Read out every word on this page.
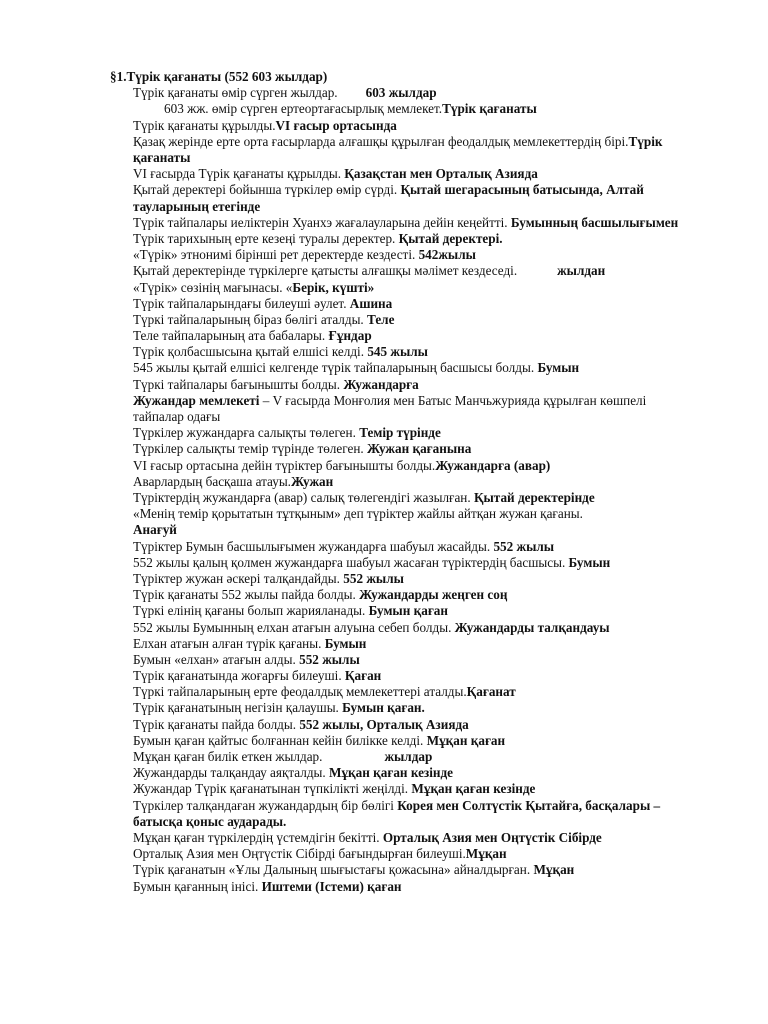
§1.Түрік қағанаты (552 603 жылдар)
Түрік қағанаты өмір сүрген жылдар. 603 жылдар
603 жж. өмір сүрген ертеортағасырлық мемлекет.Түрік қағанаты
Түрік қағанаты құрылды.VI ғасыр ортасында
Қазақ жерінде ерте орта ғасырларда алғашқы құрылған феодалдық мемлекеттердің бірі.Түрік қағанаты
VI ғасырда Түрік қағанаты құрылды. Қазақстан мен Орталық Азияда
Қытай деректері бойынша түркілер өмір сүрді. Қытай шегарасының батысында, Алтай тауларының етегінде
Түрік тайпалары иеліктерін Хуанхэ жағалауларына дейін кеңейтті. Бумынның басшылығымен
Түрік тарихының ерте кезеңі туралы деректер. Қытай деректері.
«Түрік» этнонимі бірінші рет деректерде кездесті. 542жылы
Қытай деректерінде түркілерге қатысты алғашқы мәлімет кездеседі.	жылдан
«Түрік» сөзінің мағынасы. «Берік, күшті»
Түрік тайпаларындағы билеуші әулет. Ашина
Түркі тайпаларының біраз бөлігі аталды. Теле
Теле тайпаларының ата бабалары. Ғұндар
Түрік қолбасшысына қытай елшісі келді. 545 жылы
545 жылы қытай елшісі келгенде түрік тайпаларының басшысы болды. Бумын
Түркі тайпалары бағынышты болды. Жужандарға
Жужандар мемлекеті – V ғасырда Монғолия мен Батыс Манчьжурияда құрылған көшпелі тайпалар одағы
Түркілер жужандарға салықты төлеген. Темір түрінде
Түркілер салықты темір түрінде төлеген. Жужан қағанына
VI ғасыр ортасына дейін түріктер бағынышты болды.Жужандарға (авар)
Аварлардың басқаша атауы.Жужан
Түріктердің жужандарға (авар) салық төлегендігі жазылған. Қытай деректерінде
«Менің темір қорытатын тұтқыным» деп түріктер жайлы айтқан жужан қағаны.
Анағуй
Түріктер Бумын басшылығымен жужандарға шабуыл жасайды. 552 жылы
552 жылы қалың қолмен жужандарға шабуыл жасаған түріктердің басшысы. Бумын
Түріктер жужан әскері талқандайды. 552 жылы
Түрік қағанаты 552 жылы пайда болды. Жужандарды жеңген соң
Түркі елінің қағаны болып жарияланады. Бумын қаған
552 жылы Бумынның елхан атағын алуына себеп болды. Жужандарды талқандауы
Елхан атағын алған түрік қағаны. Бумын
Бумын «елхан» атағын алды. 552 жылы
Түрік қағанатында жоғарғы билеуші. Қаған
Түркі тайпаларының ерте феодалдық мемлекеттері аталды.Қағанат
Түрік қағанатының негізін қалаушы. Бумын қаған.
Түрік қағанаты пайда болды. 552 жылы, Орталық Азияда
Бумын қаған қайтыс болғаннан кейін билікке келді. Мұқан қаған
Мұқан қаған билік еткен жылдар.	жылдар
Жужандарды талқандау аяқталды. Мұқан қаған кезінде
Жужандар Түрік қағанатынан түпкілікті жеңілді. Мұқан қаған кезінде
Түркілер талқандаған жужандардың бір бөлігі Корея мен Солтүстік Қытайға, басқалары – батысқа қоныс аударады.
Мұқан қаған түркілердің үстемдігін бекітті. Орталық Азия мен Оңтүстік Сібірде
Орталық Азия мен Оңтүстік Сібірді бағындырған билеуші.Мұқан
Түрік қағанатын «Ұлы Далының шығыстағы қожасына» айналдырған. Мұқан
Бумын қағанның інісі. Иштеми (Істеми) қаған
